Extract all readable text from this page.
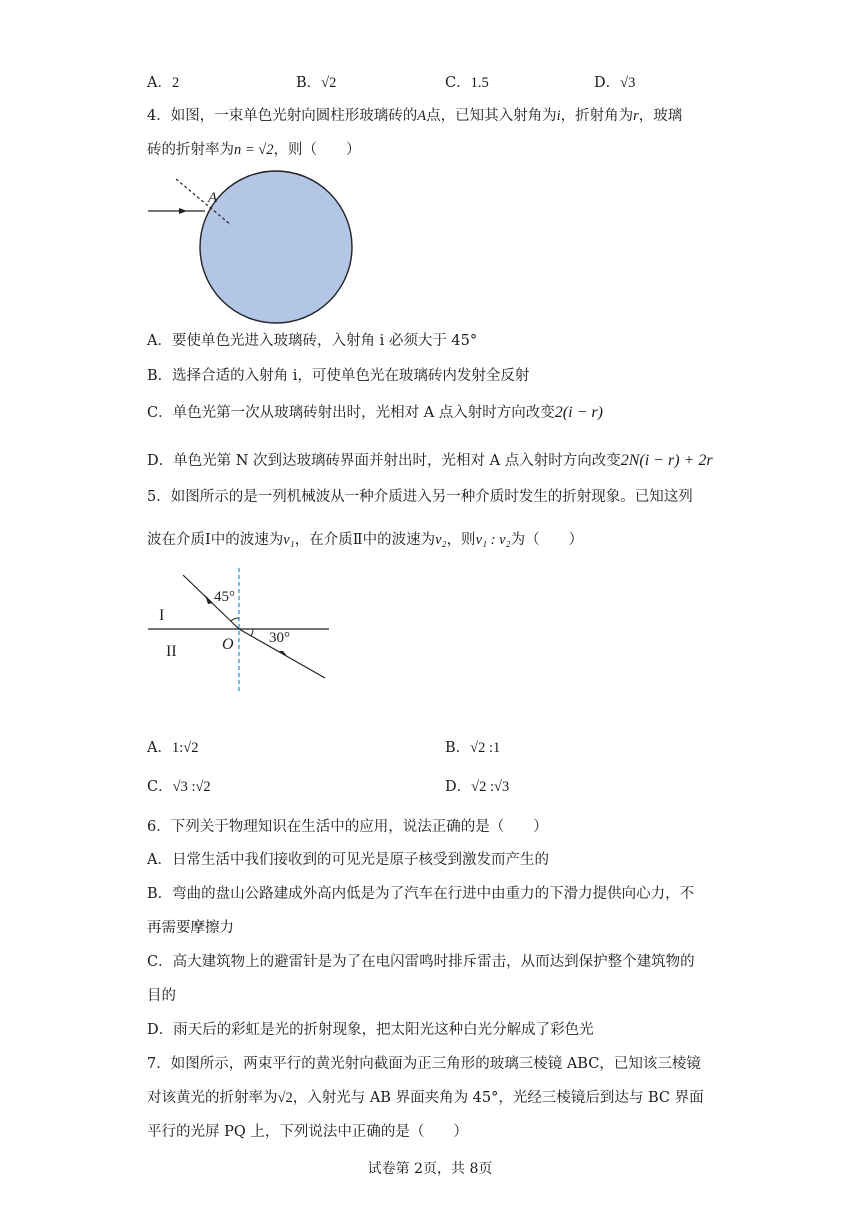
A．2	B．√2	C．1.5	D．√3
4．如图，一束单色光射向圆柱形玻璃砖的A点，已知其入射角为i，折射角为r，玻璃
砖的折射率为n = √2，则（　　）
A
A．要使单色光进入玻璃砖，入射角 i 必须大于 45°
B．选择合适的入射角 i，可使单色光在玻璃砖内发射全反射
C．单色光第一次从玻璃砖射出时，光相对 A 点入射时方向改变2(i − r)
D．单色光第 N 次到达玻璃砖界面并射出时，光相对 A 点入射时方向改变2N(i − r) + 2r
5．如图所示的是一列机械波从一种介质进入另一种介质时发生的折射现象。已知这列
波在介质Ⅰ中的波速为v₁，在介质Ⅱ中的波速为v₂，则v₁ : v₂为（　　）
45°
30°
I
II	O
A．1:√2	B．√2 :1
C．√3 :√2	D．√2 :√3
6．下列关于物理知识在生活中的应用，说法正确的是（　　）
A．日常生活中我们接收到的可见光是原子核受到激发而产生的
B．弯曲的盘山公路建成外高内低是为了汽车在行进中由重力的下滑力提供向心力，不
再需要摩擦力
C．高大建筑物上的避雷针是为了在电闪雷鸣时排斥雷击，从而达到保护整个建筑物的
目的
D．雨天后的彩虹是光的折射现象，把太阳光这种白光分解成了彩色光
7．如图所示，两束平行的黄光射向截面为正三角形的玻璃三棱镜 ABC，已知该三棱镜
对该黄光的折射率为√2，入射光与 AB 界面夹角为 45°，光经三棱镜后到达与 BC 界面
平行的光屏 PQ 上，下列说法中正确的是（　　）
试卷第 2页，共 8页
